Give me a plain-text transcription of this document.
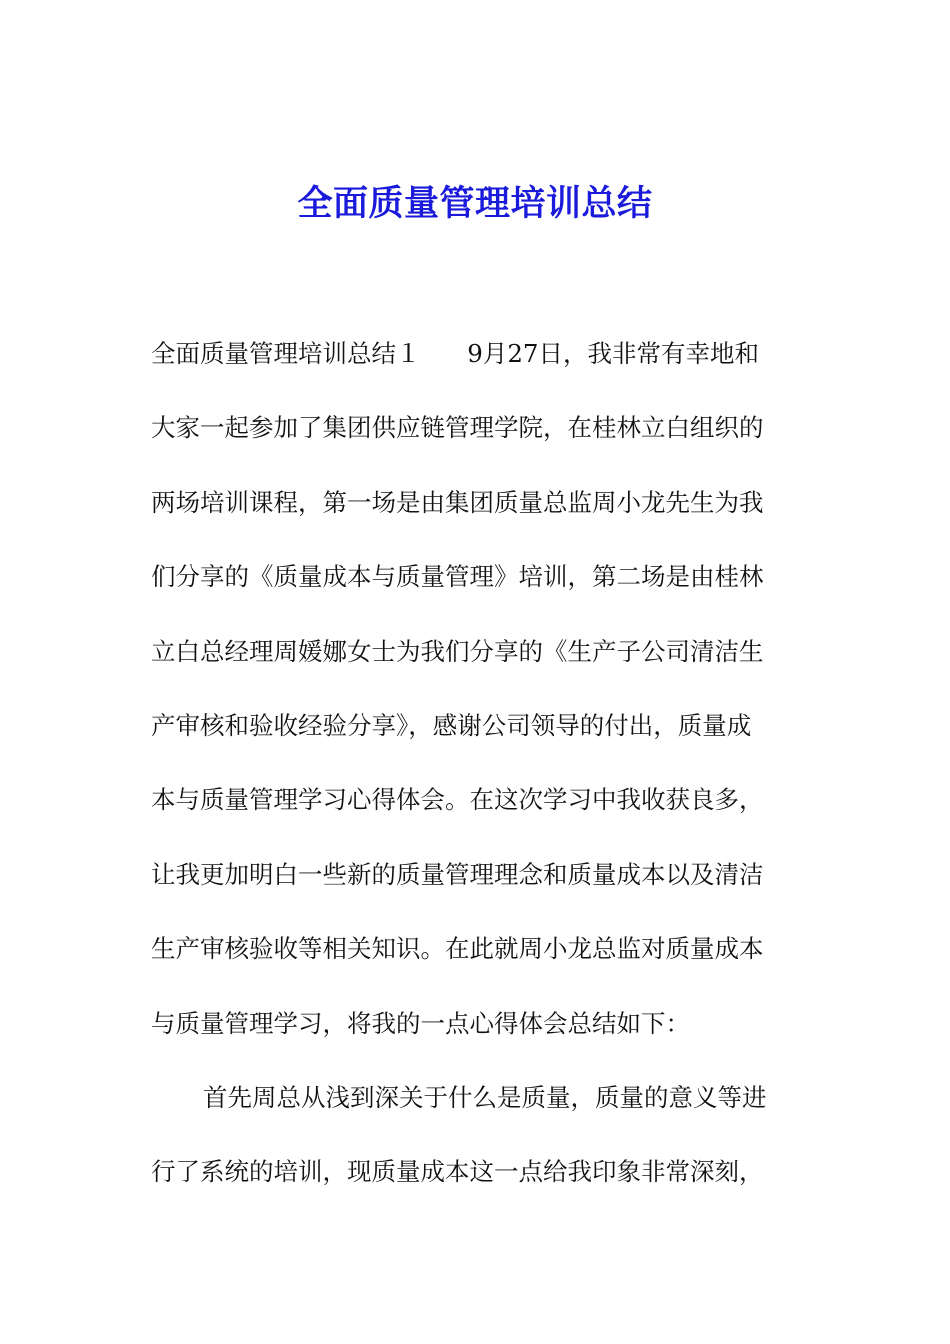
全面质量管理培训总结
全面质量管理培训总结１      9月27日，我非常有幸地和
大家一起参加了集团供应链管理学院，在桂林立白组织的
两场培训课程，第一场是由集团质量总监周小龙先生为我
们分享的《质量成本与质量管理》培训，第二场是由桂林
立白总经理周媛娜女士为我们分享的《生产子公司清洁生
产审核和验收经验分享》，感谢公司领导的付出，质量成
本与质量管理学习心得体会。在这次学习中我收获良多，
让我更加明白一些新的质量管理理念和质量成本以及清洁
生产审核验收等相关知识。在此就周小龙总监对质量成本
与质量管理学习，将我的一点心得体会总结如下：
首先周总从浅到深关于什么是质量，质量的意义等进
行了系统的培训，现质量成本这一点给我印象非常深刻，
